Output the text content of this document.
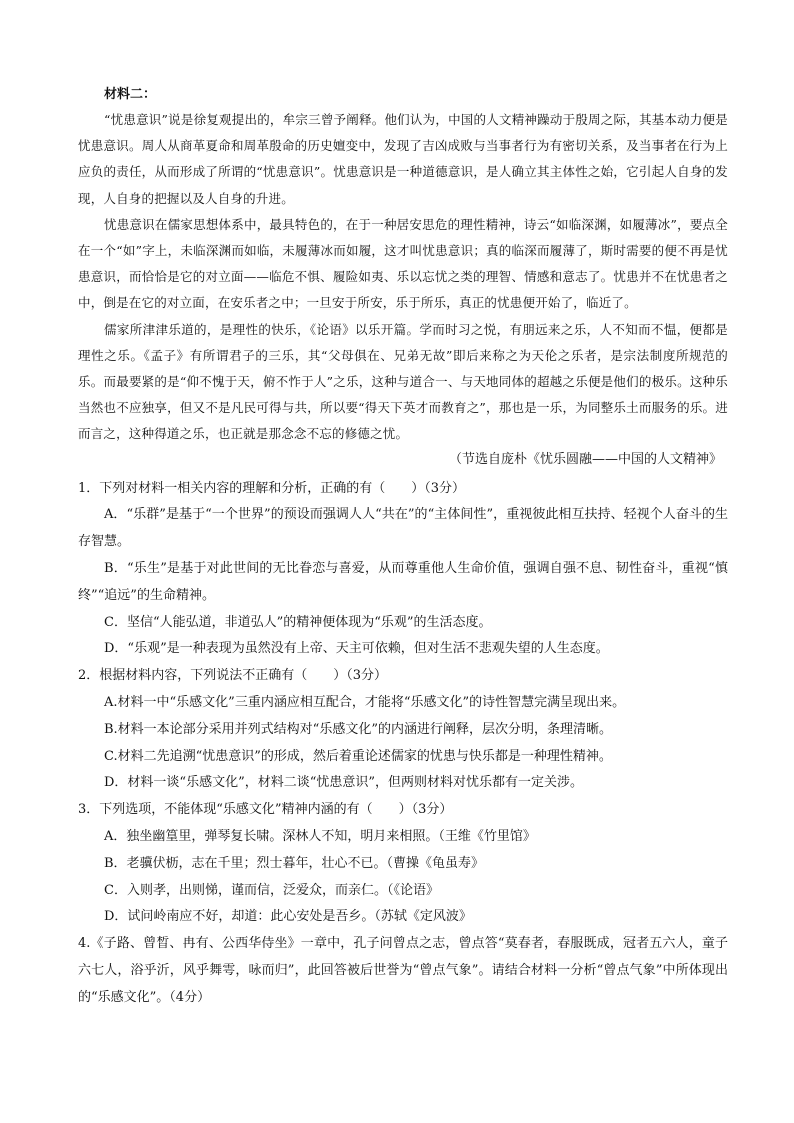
材料二：

“忧患意识”说是徐复观提出的，牟宗三曾予阐释。他们认为，中国的人文精神躁动于殷周之际，其基本动力便是忧患意识。周人从商革夏命和周革殷命的历史嬗变中，发现了吉凶成败与当事者行为有密切关系，及当事者在行为上应负的责任，从而形成了所谓的“忧患意识”。忧患意识是一种道德意识，是人确立其主体性之始，它引起人自身的发现，人自身的把握以及人自身的升进。

忧患意识在儒家思想体系中，最具特色的，在于一种居安思危的理性精神，诗云“如临深渊，如履薄冰”，要点全在一个“如”字上，未临深渊而如临，未履薄冰而如履，这才叫忧患意识；真的临深而履薄了，斯时需要的便不再是忧患意识，而恰恰是它的对立面——临危不惧、履险如夷、乐以忘忧之类的理智、情感和意志了。忧患并不在忧患者之中，倒是在它的对立面，在安乐者之中；一旦安于所安，乐于所乐，真正的忧患便开始了，临近了。

儒家所津津乐道的，是理性的快乐，《论语》以乐开篇。学而时习之悦，有朋远来之乐，人不知而不愠，便都是理性之乐。《孟子》有所谓君子的三乐，其“父母俱在、兄弟无故”即后来称之为天伦之乐者，是宗法制度所规范的乐。而最要紧的是“仰不愧于天，俯不怍于人”之乐，这种与道合一、与天地同体的超越之乐便是他们的极乐。这种乐当然也不应独享，但又不是凡民可得与共，所以要“得天下英才而教育之”，那也是一乐，为同整乐土而服务的乐。进而言之，这种得道之乐，也正就是那念念不忘的修德之忧。

（节选自庞朴《忧乐圆融——中国的人文精神》

1．下列对材料一相关内容的理解和分析，正确的有（　　）（3分）

A．“乐群”是基于“一个世界”的预设而强调人人“共在”的“主体间性”，重视彼此相互扶持、轻视个人奋斗的生存智慧。

B．“乐生”是基于对此世间的无比眷恋与喜爱，从而尊重他人生命价值，强调自强不息、韧性奋斗，重视“慎终”“追远”的生命精神。

C．坚信“人能弘道，非道弘人”的精神便体现为“乐观”的生活态度。

D．“乐观”是一种表现为虽然没有上帝、天主可依赖，但对生活不悲观失望的人生态度。

2．根据材料内容，下列说法不正确有（　　）（3分）

A.材料一中“乐感文化”三重内涵应相互配合，才能将“乐感文化”的诗性智慧完满呈现出来。

B.材料一本论部分采用并列式结构对“乐感文化”的内涵进行阐释，层次分明，条理清晰。

C.材料二先追溯“忧患意识”的形成，然后着重论述儒家的忧患与快乐都是一种理性精神。

D．材料一谈“乐感文化”，材料二谈“忧患意识”，但两则材料对忧乐都有一定关涉。

3．下列选项，不能体现“乐感文化”精神内涵的有（　　）（3分）

A．独坐幽篁里，弹琴复长啸。深林人不知，明月来相照。（王维《竹里馆》

B．老骥伏枥，志在千里；烈士暮年，壮心不已。（曹操《龟虽寿》

C．入则孝，出则悌，谨而信，泛爱众，而亲仁。（《论语》

D．试问岭南应不好，却道：此心安处是吾乡。（苏轼《定风波》

4.《子路、曾晳、冉有、公西华侍坐》一章中，孔子问曾点之志，曾点答“莫春者，春服既成，冠者五六人，童子六七人，浴乎沂，风乎舞雩，咏而归”，此回答被后世誉为“曾点气象”。请结合材料一分析“曾点气象”中所体现出的“乐感文化”。（4分）
